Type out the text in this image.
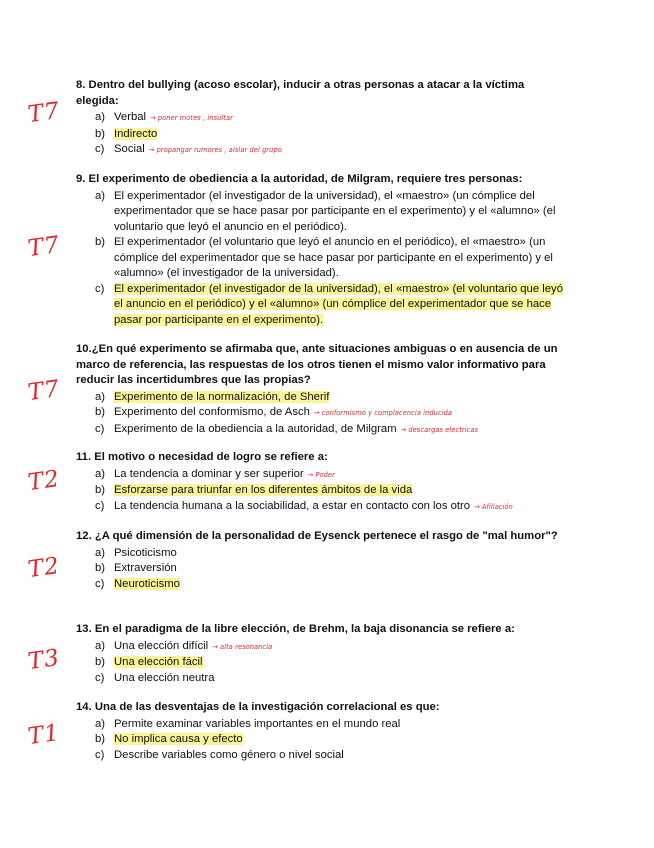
8. Dentro del bullying (acoso escolar), inducir a otras personas a atacar a la víctima elegida:
a) Verbal → poner motes , insultar
b) Indirecto
c) Social → propangar rumores , aislar del grupo
T7
9. El experimento de obediencia a la autoridad, de Milgram, requiere tres personas:
a) El experimentador (el investigador de la universidad), el «maestro» (un cómplice del experimentador que se hace pasar por participante en el experimento) y el «alumno» (el voluntario que leyó el anuncio en el periódico).
b) El experimentador (el voluntario que leyó el anuncio en el periódico), el «maestro» (un cómplice del experimentador que se hace pasar por participante en el experimento) y el «alumno» (el investigador de la universidad).
c) El experimentador (el investigador de la universidad), el «maestro» (el voluntario que leyó el anuncio en el periódico) y el «alumno» (un cómplice del experimentador que se hace pasar por participante en el experimento).
T7
10.¿En qué experimento se afirmaba que, ante situaciones ambiguas o en ausencia de un marco de referencia, las respuestas de los otros tienen el mismo valor informativo para reducir las incertidumbres que las propias?
a) Experimento de la normalización, de Sherif
b) Experimento del conformismo, de Asch → conformismo y complacencia inducida
c) Experimento de la obediencia a la autoridad, de Milgram → descargas electricas
T7
11. El motivo o necesidad de logro se refiere a:
a) La tendencia a dominar y ser superior → Poder
b) Esforzarse para triunfar en los diferentes ámbitos de la vida
c) La tendencia humana a la sociabilidad, a estar en contacto con los otro → Afiliación
T2
12. ¿A qué dimensión de la personalidad de Eysenck pertenece el rasgo de "mal humor"?
a) Psicoticismo
b) Extraversión
c) Neuroticismo
T2
13. En el paradigma de la libre elección, de Brehm, la baja disonancia se refiere a:
a) Una elección difícil → alta resonancia
b) Una elección fácil
c) Una elección neutra
T3
14. Una de las desventajas de la investigación correlacional es que:
a) Permite examinar variables importantes en el mundo real
b) No implica causa y efecto
c) Describe variables como género o nivel social
T1
